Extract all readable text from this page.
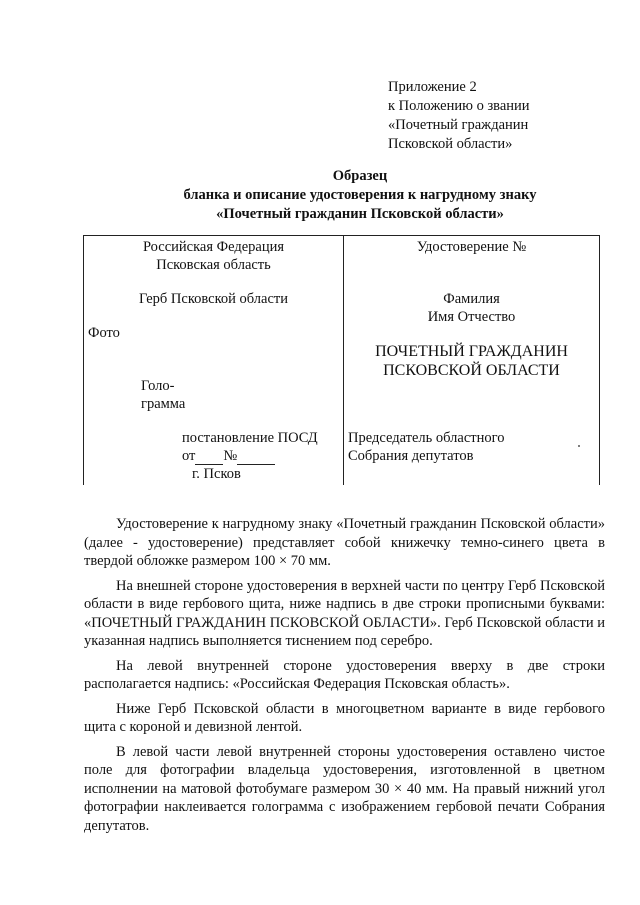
Приложение 2
к Положению о звании
«Почетный гражданин
Псковской области»
Образец
бланка и описание удостоверения к нагрудному знаку
«Почетный гражданин Псковской области»
Российская Федерация
Псковская область
Герб Псковской области
Фото
Голо-
грамма
постановление ПОСД
от №
г. Псков
Удостоверение №
Фамилия
Имя Отчество
ПОЧЕТНЫЙ ГРАЖДАНИН
ПСКОВСКОЙ ОБЛАСТИ
Председатель областного
Собрания депутатов

Удостоверение к нагрудному знаку «Почетный гражданин Псковской области» (далее - удостоверение) представляет собой книжечку темно-синего цвета в твердой обложке размером 100 × 70 мм.

На внешней стороне удостоверения в верхней части по центру Герб Псковской области в виде гербового щита, ниже надпись в две строки прописными буквами: «ПОЧЕТНЫЙ ГРАЖДАНИН ПСКОВСКОЙ ОБЛАСТИ». Герб Псковской области и указанная надпись выполняется тиснением под серебро.

На левой внутренней стороне удостоверения вверху в две строки располагается надпись: «Российская Федерация Псковская область».

Ниже Герб Псковской области в многоцветном варианте в виде гербового щита с короной и девизной лентой.

В левой части левой внутренней стороны удостоверения оставлено чистое поле для фотографии владельца удостоверения, изготовленной в цветном исполнении на матовой фотобумаге размером 30 × 40 мм. На правый нижний угол фотографии наклеивается голограмма с изображением гербовой печати Собрания депутатов.
